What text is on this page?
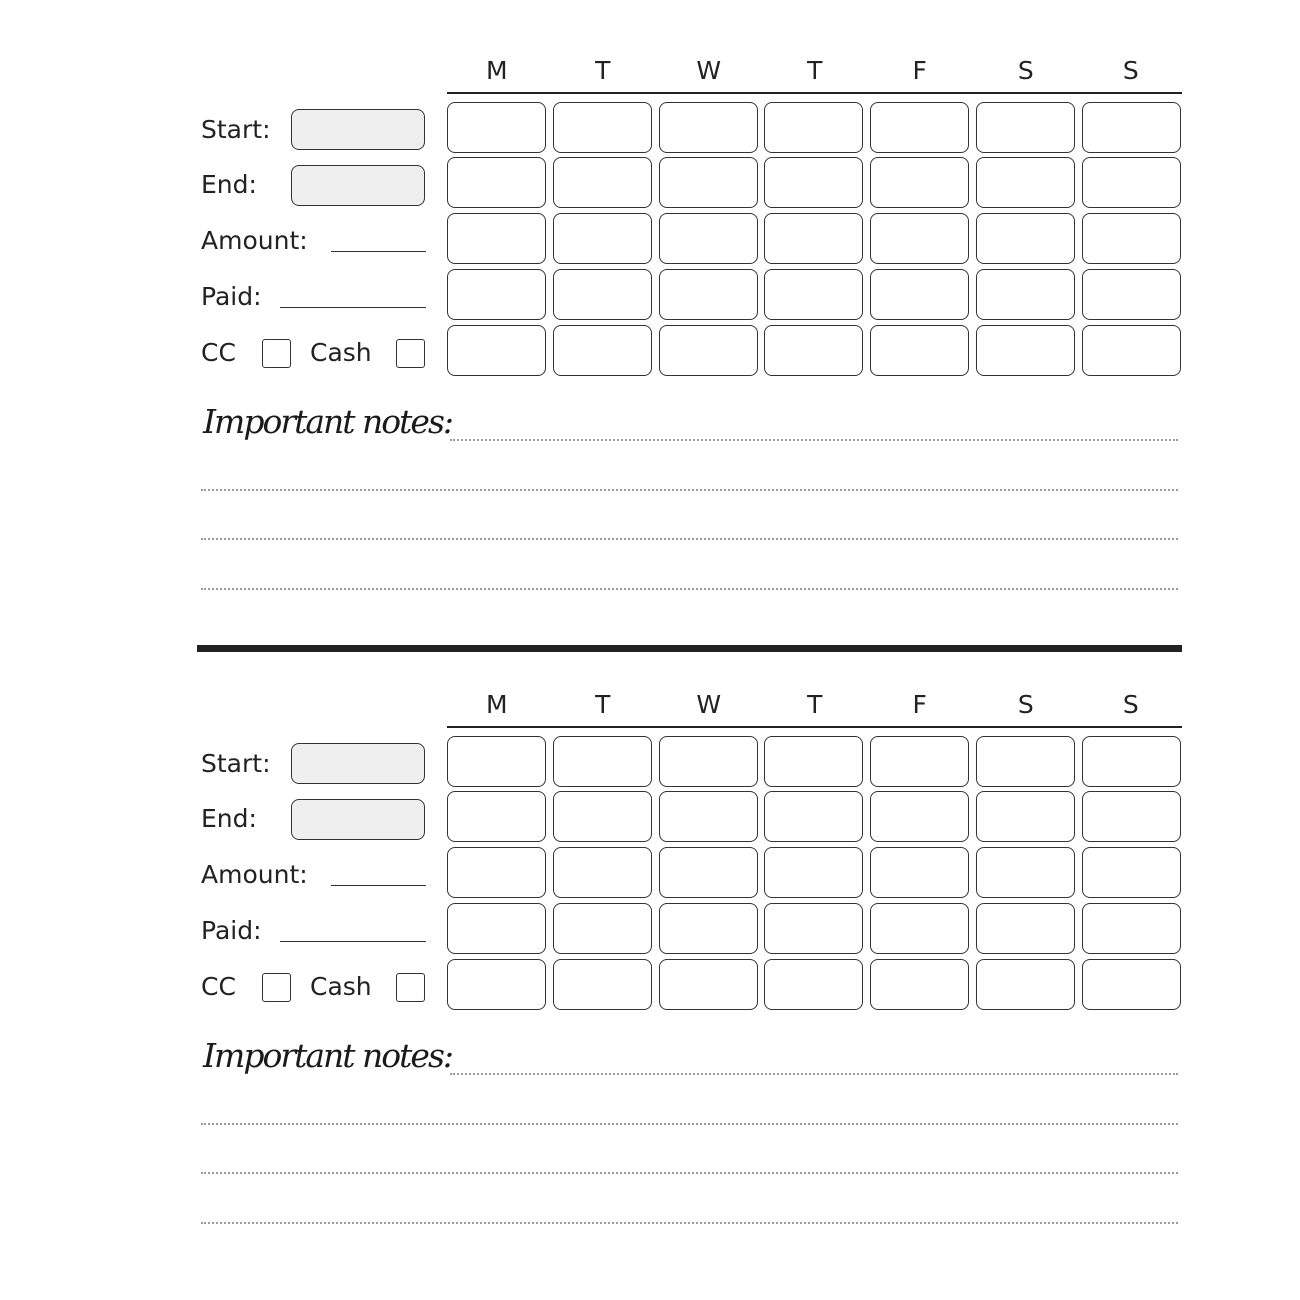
M	T	W	T	F	S	S
Start:
End:
Amount:
Paid:
CC	Cash
Important notes:
M	T	W	T	F	S	S
Start:
End:
Amount:
Paid:
CC	Cash
Important notes:
